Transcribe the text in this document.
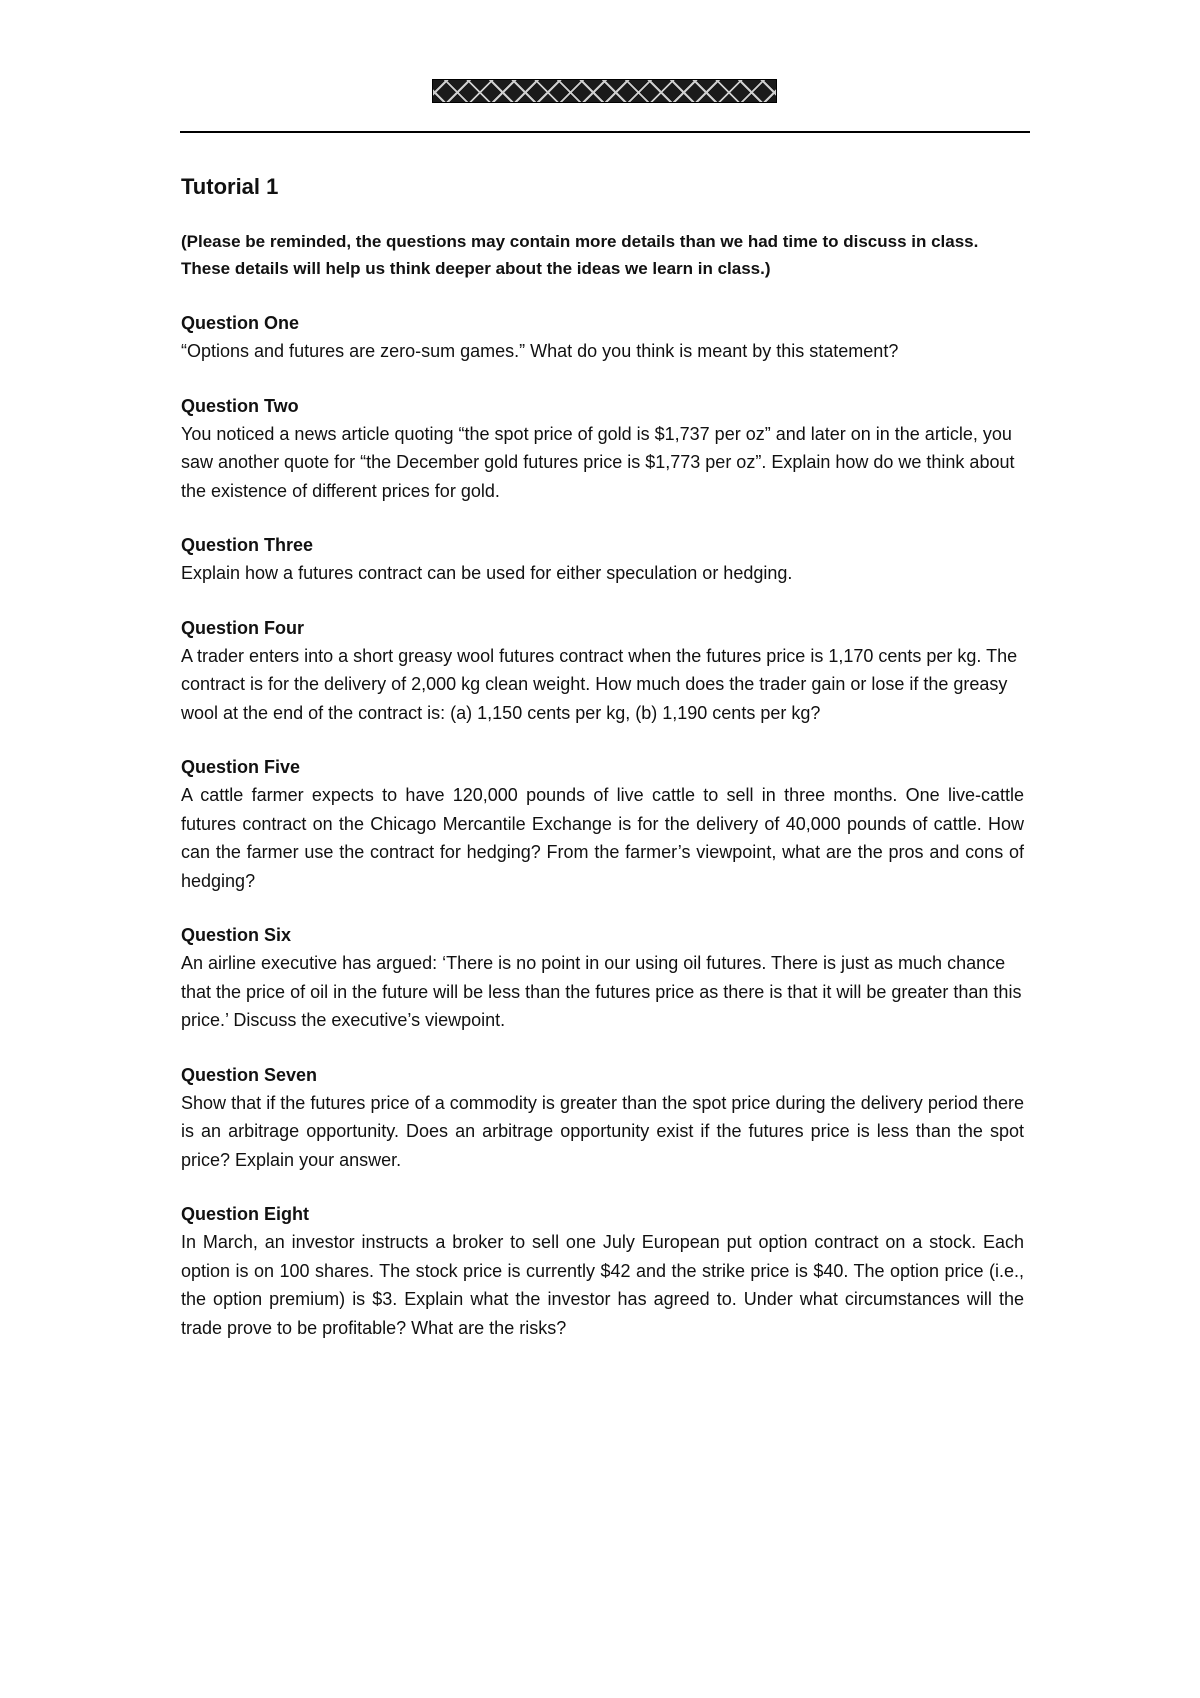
Tutorial 1

(Please be reminded, the questions may contain more details than we had time to discuss in class. These details will help us think deeper about the ideas we learn in class.)

Question One

“Options and futures are zero-sum games.” What do you think is meant by this statement?

Question Two

You noticed a news article quoting “the spot price of gold is $1,737 per oz” and later on in the article, you saw another quote for “the December gold futures price is $1,773 per oz”. Explain how do we think about the existence of different prices for gold.

Question Three

Explain how a futures contract can be used for either speculation or hedging.

Question Four

A trader enters into a short greasy wool futures contract when the futures price is 1,170 cents per kg. The contract is for the delivery of 2,000 kg clean weight. How much does the trader gain or lose if the greasy wool at the end of the contract is: (a) 1,150 cents per kg, (b) 1,190 cents per kg?

Question Five

A cattle farmer expects to have 120,000 pounds of live cattle to sell in three months. One live-cattle futures contract on the Chicago Mercantile Exchange is for the delivery of 40,000 pounds of cattle. How can the farmer use the contract for hedging? From the farmer’s viewpoint, what are the pros and cons of hedging?

Question Six

An airline executive has argued: ‘There is no point in our using oil futures. There is just as much chance that the price of oil in the future will be less than the futures price as there is that it will be greater than this price.’ Discuss the executive’s viewpoint.

Question Seven

Show that if the futures price of a commodity is greater than the spot price during the delivery period there is an arbitrage opportunity. Does an arbitrage opportunity exist if the futures price is less than the spot price? Explain your answer.

Question Eight

In March, an investor instructs a broker to sell one July European put option contract on a stock. Each option is on 100 shares. The stock price is currently $42 and the strike price is $40. The option price (i.e., the option premium) is $3. Explain what the investor has agreed to. Under what circumstances will the trade prove to be profitable? What are the risks?
